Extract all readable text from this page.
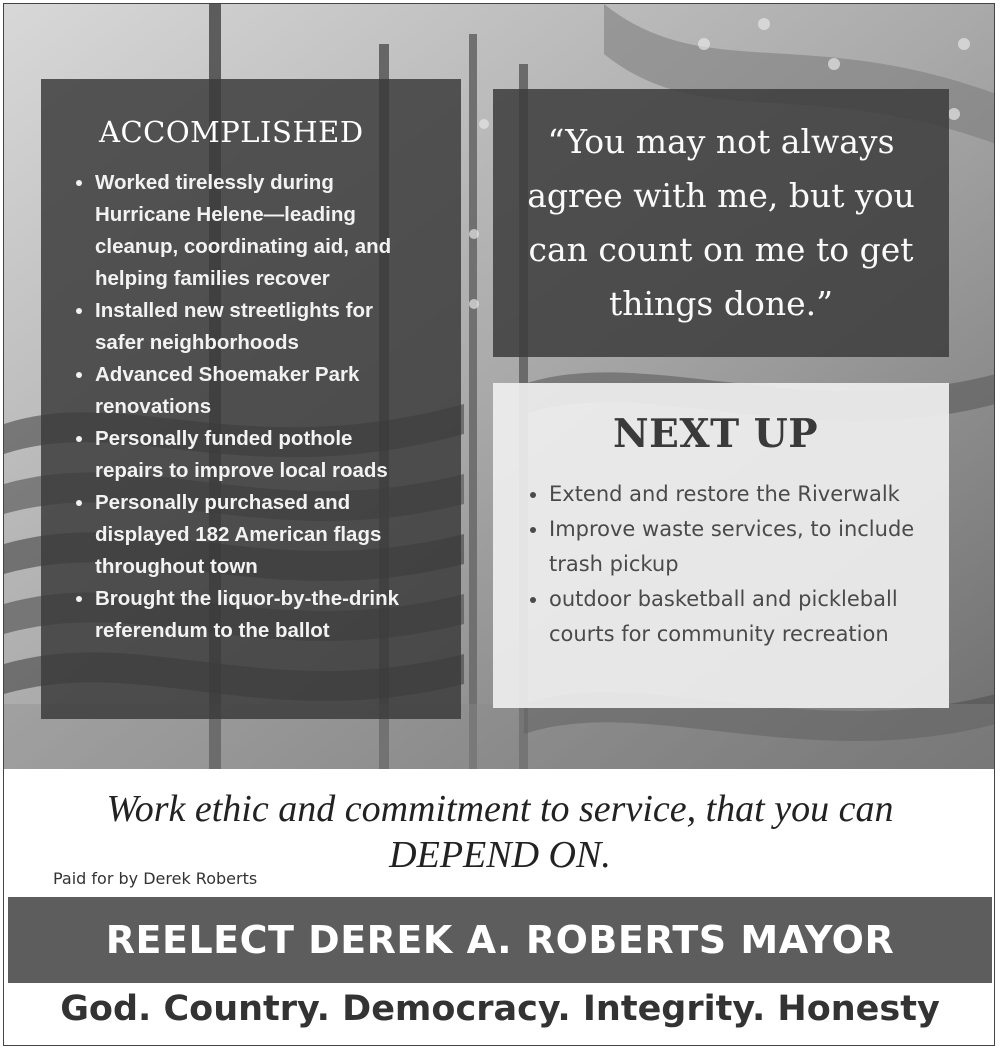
ACCOMPLISHED
• Worked tirelessly during Hurricane Helene—leading cleanup, coordinating aid, and helping families recover
• Installed new streetlights for safer neighborhoods
• Advanced Shoemaker Park renovations
• Personally funded pothole repairs to improve local roads
• Personally purchased and displayed 182 American flags throughout town
• Brought the liquor-by-the-drink referendum to the ballot

“You may not always agree with me, but you can count on me to get things done.”

NEXT UP
• Extend and restore the Riverwalk
• Improve waste services, to include trash pickup
• outdoor basketball and pickleball courts for community recreation
Work ethic and commitment to service, that you can DEPEND ON.
Paid for by Derek Roberts
REELECT DEREK A. ROBERTS MAYOR
God. Country. Democracy. Integrity. Honesty
